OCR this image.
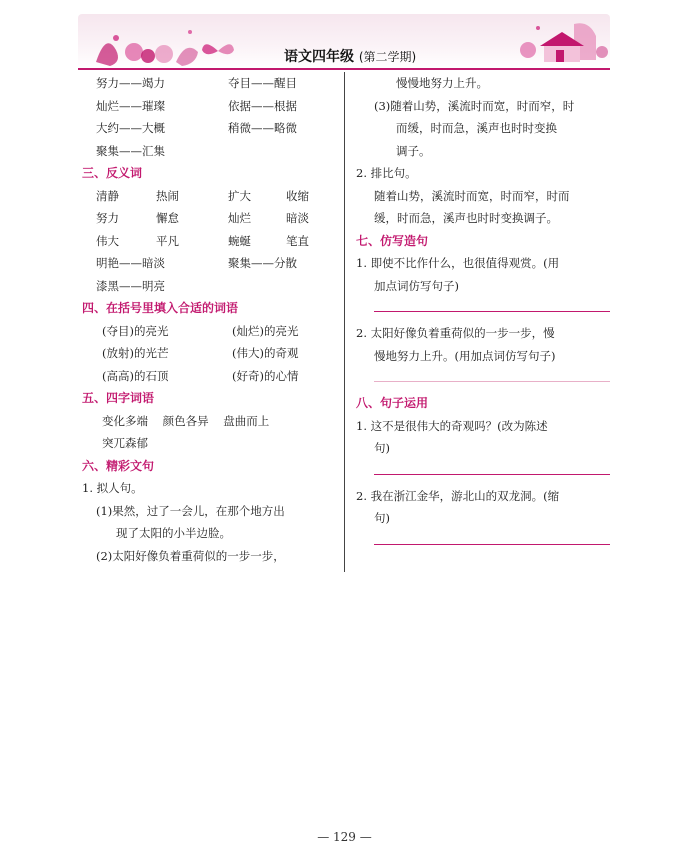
语文四年级 (第二学期)
努力——竭力	夺目——醒目
灿烂——璀璨	依据——根据
大约——大概	稍微——略微
聚集——汇集
三、反义词
清静	热闹	扩大	收缩
努力	懈怠	灿烂	暗淡
伟大	平凡	蜿蜒	笔直
明艳——暗淡	聚集——分散
漆黑——明亮
四、在括号里填入合适的词语
(夺目)的亮光	(灿烂)的亮光
(放射)的光芒	(伟大)的奇观
(高高)的石顶	(好奇)的心情
五、四字词语
变化多端    颜色各异    盘曲而上
突兀森郁
六、精彩文句
1. 拟人句。
(1)果然，过了一会儿，在那个地方出
现了太阳的小半边脸。
(2)太阳好像负着重荷似的一步一步，
慢慢地努力上升。
(3)随着山势，溪流时而宽，时而窄，时
而缓，时而急，溪声也时时变换
调子。
2. 排比句。
随着山势，溪流时而宽，时而窄，时而
缓，时而急，溪声也时时变换调子。
七、仿写造句
1. 即使不比作什么，也很值得观赏。(用
加点词仿写句子)
2. 太阳好像负着重荷似的一步一步，慢
慢地努力上升。(用加点词仿写句子)
八、句子运用
1. 这不是很伟大的奇观吗？(改为陈述
句)
2. 我在浙江金华，游北山的双龙洞。(缩
句)
— 129 —
